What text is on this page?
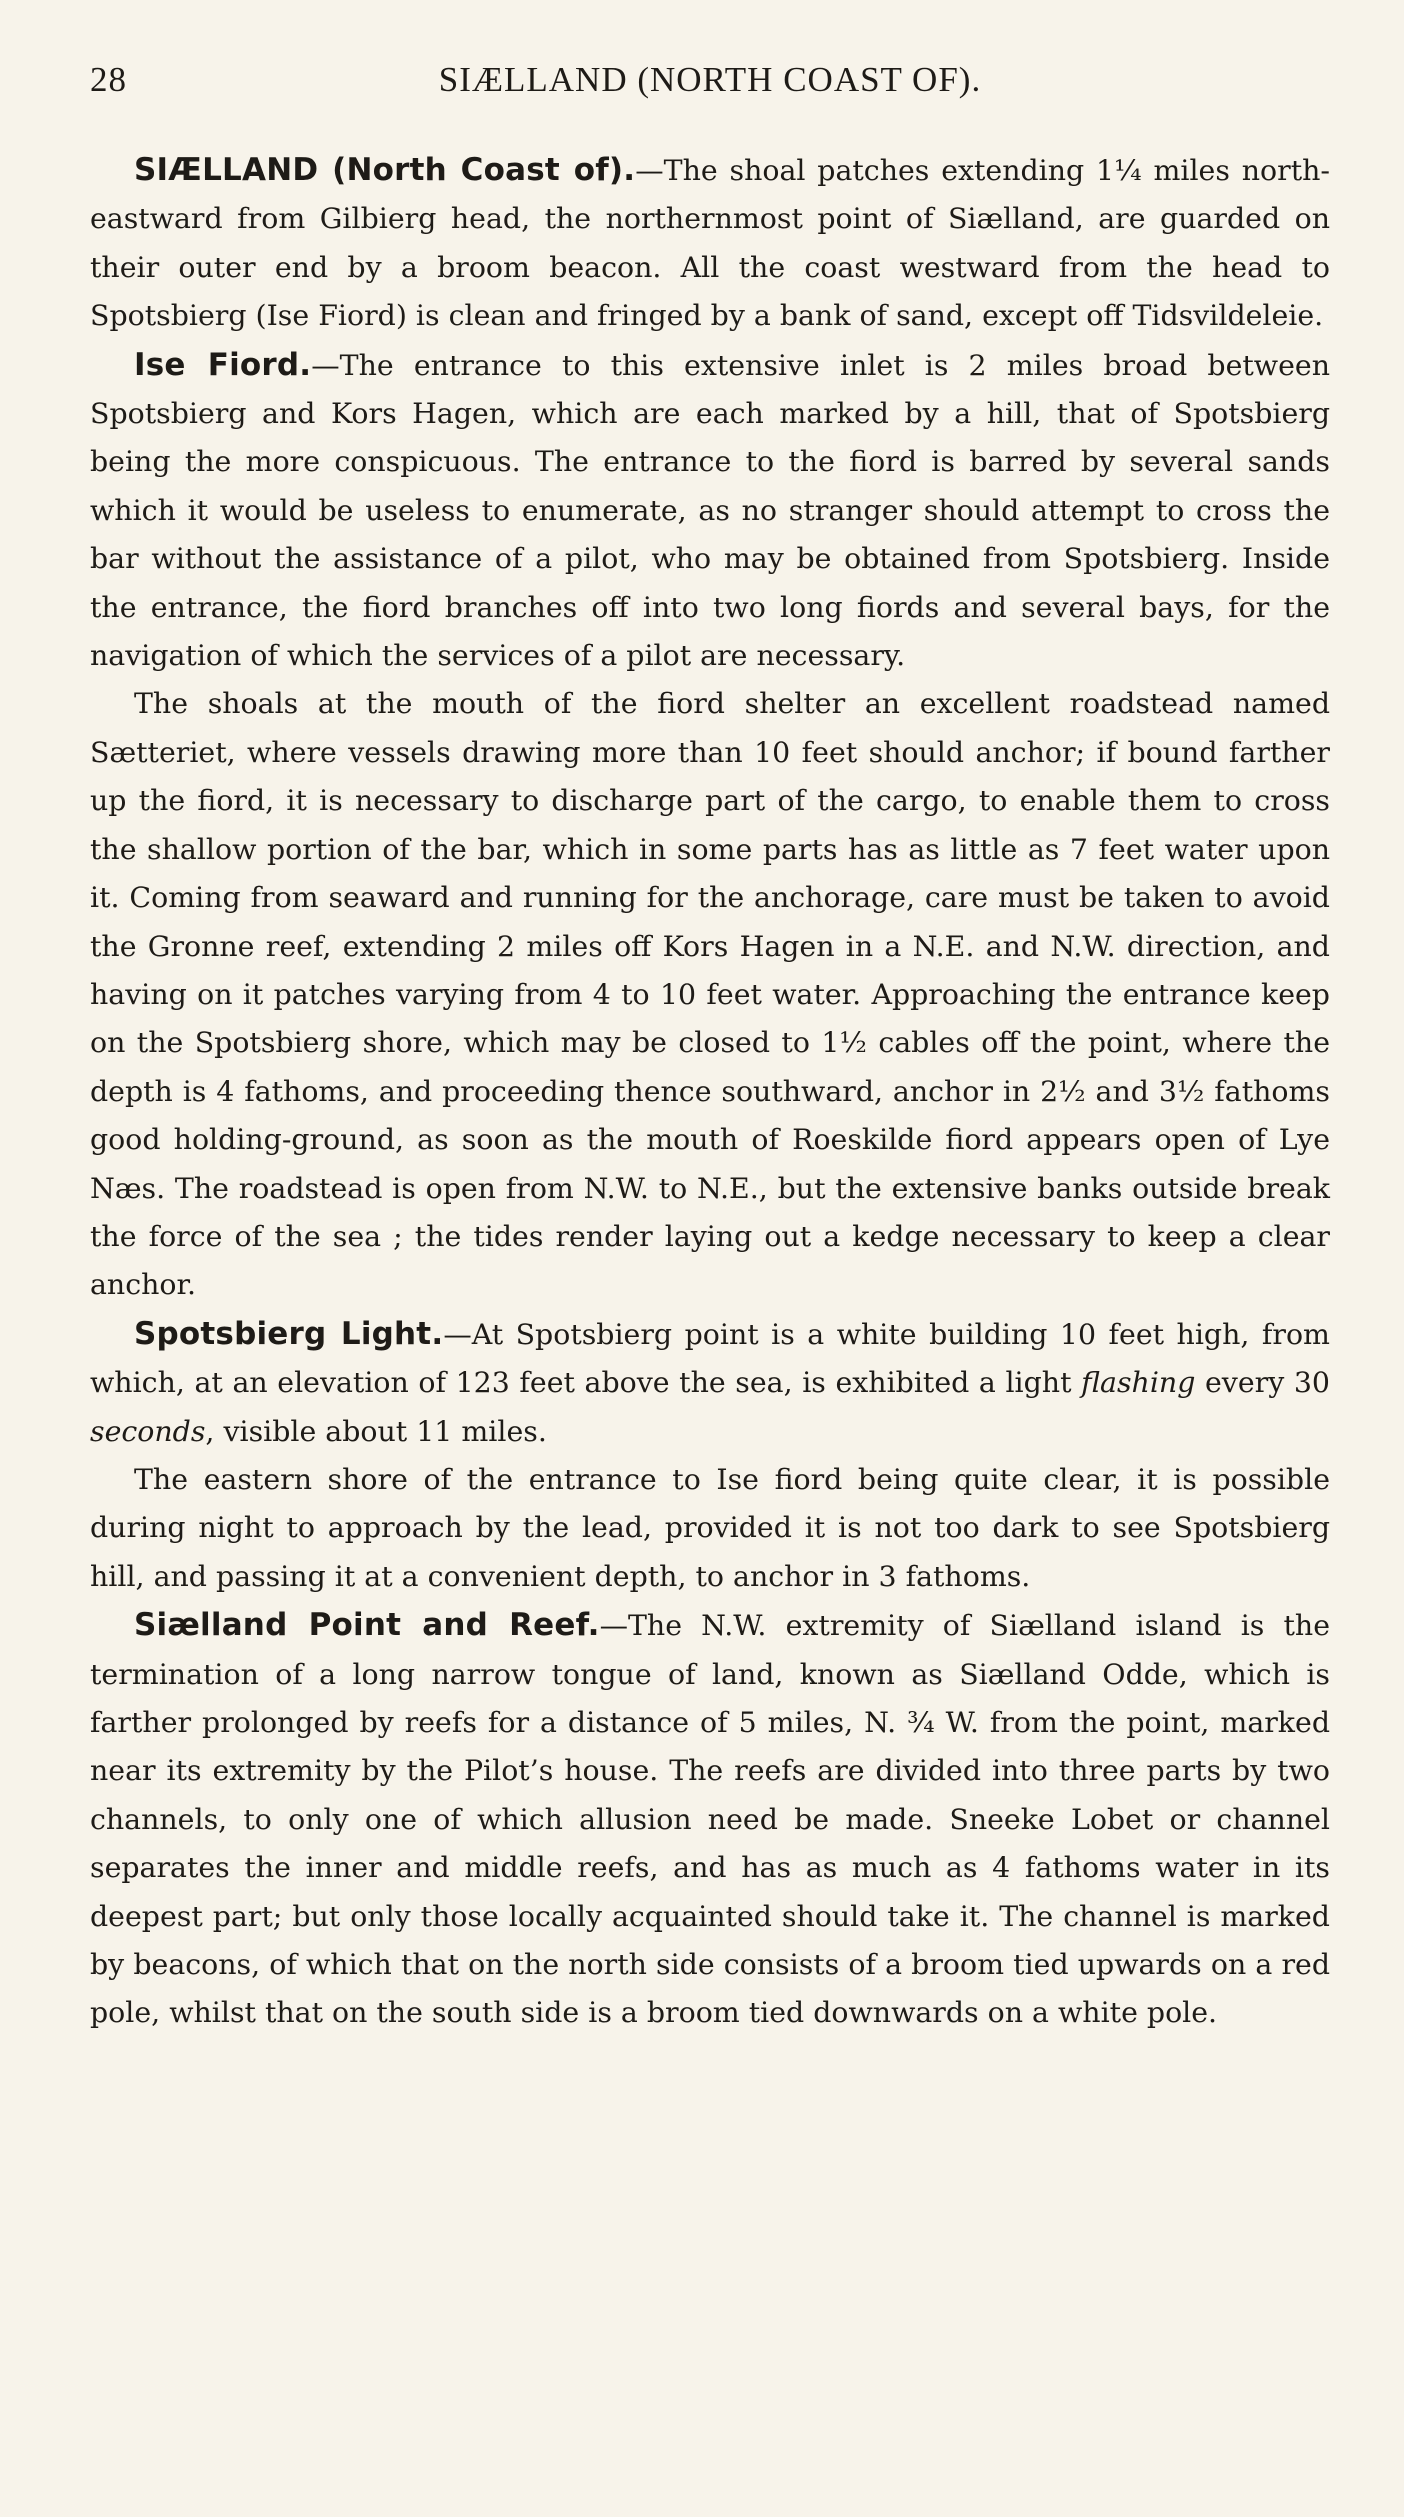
28	SIÆLLAND (NORTH COAST OF).

SIÆLLAND (North Coast of).—The shoal patches extending 1¼ miles north-eastward from Gilbierg head, the northernmost point of Siælland, are guarded on their outer end by a broom beacon. All the coast westward from the head to Spotsbierg (Ise Fiord) is clean and fringed by a bank of sand, except off Tidsvildeleie.

Ise Fiord.—The entrance to this extensive inlet is 2 miles broad between Spotsbierg and Kors Hagen, which are each marked by a hill, that of Spotsbierg being the more conspicuous. The entrance to the fiord is barred by several sands which it would be useless to enumerate, as no stranger should attempt to cross the bar without the assistance of a pilot, who may be obtained from Spotsbierg. Inside the entrance, the fiord branches off into two long fiords and several bays, for the navigation of which the services of a pilot are necessary.

The shoals at the mouth of the fiord shelter an excellent roadstead named Sætteriet, where vessels drawing more than 10 feet should anchor; if bound farther up the fiord, it is necessary to discharge part of the cargo, to enable them to cross the shallow portion of the bar, which in some parts has as little as 7 feet water upon it. Coming from seaward and running for the anchorage, care must be taken to avoid the Gronne reef, extending 2 miles off Kors Hagen in a N.E. and N.W. direction, and having on it patches varying from 4 to 10 feet water. Approaching the entrance keep on the Spotsbierg shore, which may be closed to 1½ cables off the point, where the depth is 4 fathoms, and proceeding thence southward, anchor in 2½ and 3½ fathoms good holding-ground, as soon as the mouth of Roeskilde fiord appears open of Lye Næs. The roadstead is open from N.W. to N.E., but the extensive banks outside break the force of the sea ; the tides render laying out a kedge necessary to keep a clear anchor.

Spotsbierg Light.—At Spotsbierg point is a white building 10 feet high, from which, at an elevation of 123 feet above the sea, is exhibited a light flashing every 30 seconds, visible about 11 miles.

The eastern shore of the entrance to Ise fiord being quite clear, it is possible during night to approach by the lead, provided it is not too dark to see Spotsbierg hill, and passing it at a convenient depth, to anchor in 3 fathoms.

Siælland Point and Reef.—The N.W. extremity of Siælland island is the termination of a long narrow tongue of land, known as Siælland Odde, which is farther prolonged by reefs for a distance of 5 miles, N. ¾ W. from the point, marked near its extremity by the Pilot’s house. The reefs are divided into three parts by two channels, to only one of which allusion need be made. Sneeke Lobet or channel separates the inner and middle reefs, and has as much as 4 fathoms water in its deepest part; but only those locally acquainted should take it. The channel is marked by beacons, of which that on the north side consists of a broom tied upwards on a red pole, whilst that on the south side is a broom tied downwards on a white pole.
